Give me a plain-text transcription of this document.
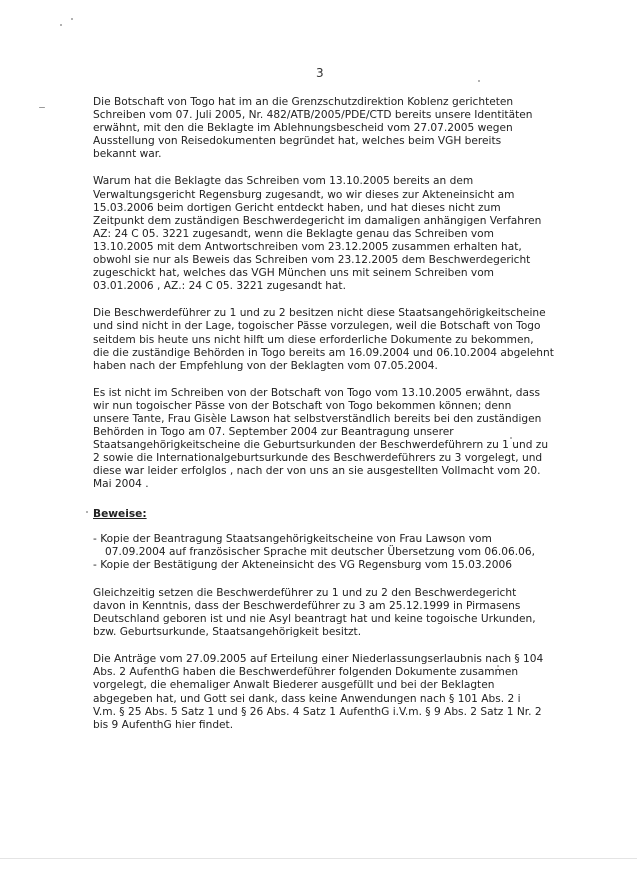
3

Die Botschaft von Togo hat im an die Grenzschutzdirektion Koblenz gerichteten
Schreiben vom 07. Juli 2005, Nr. 482/ATB/2005/PDE/CTD bereits unsere Identitäten
erwähnt, mit den die Beklagte im Ablehnungsbescheid vom 27.07.2005 wegen
Ausstellung von Reisedokumenten begründet hat, welches beim VGH bereits
bekannt war.

Warum hat die Beklagte das Schreiben vom 13.10.2005 bereits an dem
Verwaltungsgericht Regensburg zugesandt, wo wir dieses zur Akteneinsicht am
15.03.2006 beim dortigen Gericht entdeckt haben, und hat dieses nicht zum
Zeitpunkt dem zuständigen Beschwerdegericht im damaligen anhängigen Verfahren
AZ: 24 C 05. 3221 zugesandt, wenn die Beklagte genau das Schreiben vom
13.10.2005 mit dem Antwortschreiben vom 23.12.2005 zusammen erhalten hat,
obwohl sie nur als Beweis das Schreiben vom 23.12.2005 dem Beschwerdegericht
zugeschickt hat, welches das VGH München uns mit seinem Schreiben vom
03.01.2006 , AZ.: 24 C 05. 3221 zugesandt hat.

Die Beschwerdeführer zu 1 und zu 2 besitzen nicht diese Staatsangehörigkeitscheine
und sind nicht in der Lage, togoischer Pässe vorzulegen, weil die Botschaft von Togo
seitdem bis heute uns nicht hilft um diese erforderliche Dokumente zu bekommen,
die die zuständige Behörden in Togo bereits am 16.09.2004 und 06.10.2004 abgelehnt
haben nach der Empfehlung von der Beklagten vom 07.05.2004.

Es ist nicht im Schreiben von der Botschaft von Togo vom 13.10.2005 erwähnt, dass
wir nun togoischer Pässe von der Botschaft von Togo bekommen können; denn
unsere Tante, Frau Gisèle Lawson hat selbstverständlich bereits bei den zuständigen
Behörden in Togo am 07. September 2004 zur Beantragung unserer
Staatsangehörigkeitscheine die Geburtsurkunden der Beschwerdeführern zu 1 und zu
2 sowie die Internationalgeburtsurkunde des Beschwerdeführers zu 3 vorgelegt, und
diese war leider erfolglos , nach der von uns an sie ausgestellten Vollmacht vom 20.
Mai 2004 .

Beweise:
- Kopie der Beantragung Staatsangehörigkeitscheine von Frau Lawson vom
07.09.2004 auf französischer Sprache mit deutscher Übersetzung vom 06.06.06,
- Kopie der Bestätigung der Akteneinsicht des VG Regensburg vom 15.03.2006

Gleichzeitig setzen die Beschwerdeführer zu 1 und zu 2 den Beschwerdegericht
davon in Kenntnis, dass der Beschwerdeführer zu 3 am 25.12.1999 in Pirmasens
Deutschland geboren ist und nie Asyl beantragt hat und keine togoische Urkunden,
bzw. Geburtsurkunde, Staatsangehörigkeit besitzt.

Die Anträge vom 27.09.2005 auf Erteilung einer Niederlassungserlaubnis nach § 104
Abs. 2 AufenthG haben die Beschwerdeführer folgenden Dokumente zusammen
vorgelegt, die ehemaliger Anwalt Biederer ausgefüllt und bei der Beklagten
abgegeben hat, und Gott sei dank, dass keine Anwendungen nach § 101 Abs. 2 i
V.m. § 25 Abs. 5 Satz 1 und § 26 Abs. 4 Satz 1 AufenthG i.V.m. § 9 Abs. 2 Satz 1 Nr. 2
bis 9 AufenthG hier findet.
